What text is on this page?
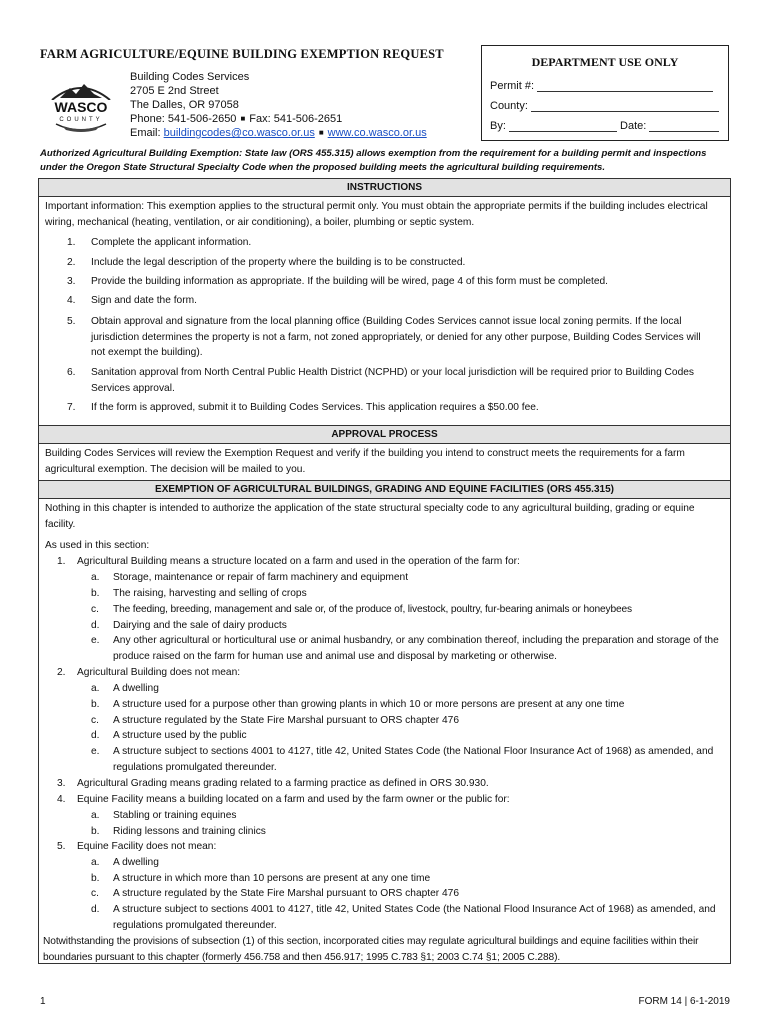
FARM AGRICULTURE/EQUINE BUILDING EXEMPTION REQUEST
WASCO
COUNTY
Building Codes Services
2705 E 2nd Street
The Dalles, OR 97058
Phone: 541-506-2650 ■ Fax: 541-506-2651
Email: buildingcodes@co.wasco.or.us ■ www.co.wasco.or.us
DEPARTMENT USE ONLY
Permit #:
County:
By:	Date:
Authorized Agricultural Building Exemption: State law (ORS 455.315) allows exemption from the requirement for a building permit and inspections under the Oregon State Structural Specialty Code when the proposed building meets the agricultural building requirements.
INSTRUCTIONS
Important information: This exemption applies to the structural permit only. You must obtain the appropriate permits if the building includes electrical wiring, mechanical (heating, ventilation, or air conditioning), a boiler, plumbing or septic system.
1. Complete the applicant information.
2. Include the legal description of the property where the building is to be constructed.
3. Provide the building information as appropriate. If the building will be wired, page 4 of this form must be completed.
4. Sign and date the form.
5. Obtain approval and signature from the local planning office (Building Codes Services cannot issue local zoning permits. If the local jurisdiction determines the property is not a farm, not zoned appropriately, or denied for any other purpose, Building Codes Services will not exempt the building).
6. Sanitation approval from North Central Public Health District (NCPHD) or your local jurisdiction will be required prior to Building Codes Services approval.
7. If the form is approved, submit it to Building Codes Services. This application requires a $50.00 fee.
APPROVAL PROCESS
Building Codes Services will review the Exemption Request and verify if the building you intend to construct meets the requirements for a farm agricultural exemption. The decision will be mailed to you.
EXEMPTION OF AGRICULTURAL BUILDINGS, GRADING AND EQUINE FACILITIES (ORS 455.315)
Nothing in this chapter is intended to authorize the application of the state structural specialty code to any agricultural building, grading or equine facility.
As used in this section:
1. Agricultural Building means a structure located on a farm and used in the operation of the farm for:
a. Storage, maintenance or repair of farm machinery and equipment
b. The raising, harvesting and selling of crops
c. The feeding, breeding, management and sale or, of the produce of, livestock, poultry, fur-bearing animals or honeybees
d. Dairying and the sale of dairy products
e. Any other agricultural or horticultural use or animal husbandry, or any combination thereof, including the preparation and storage of the produce raised on the farm for human use and animal use and disposal by marketing or otherwise.
2. Agricultural Building does not mean:
a. A dwelling
b. A structure used for a purpose other than growing plants in which 10 or more persons are present at any one time
c. A structure regulated by the State Fire Marshal pursuant to ORS chapter 476
d. A structure used by the public
e. A structure subject to sections 4001 to 4127, title 42, United States Code (the National Floor Insurance Act of 1968) as amended, and regulations promulgated thereunder.
3. Agricultural Grading means grading related to a farming practice as defined in ORS 30.930.
4. Equine Facility means a building located on a farm and used by the farm owner or the public for:
a. Stabling or training equines
b. Riding lessons and training clinics
5. Equine Facility does not mean:
a. A dwelling
b. A structure in which more than 10 persons are present at any one time
c. A structure regulated by the State Fire Marshal pursuant to ORS chapter 476
d. A structure subject to sections 4001 to 4127, title 42, United States Code (the National Flood Insurance Act of 1968) as amended, and regulations promulgated thereunder.
Notwithstanding the provisions of subsection (1) of this section, incorporated cities may regulate agricultural buildings and equine facilities within their boundaries pursuant to this chapter (formerly 456.758 and then 456.917; 1995 C.783 §1; 2003 C.74 §1; 2005 C.288).
1	FORM 14 | 6-1-2019
